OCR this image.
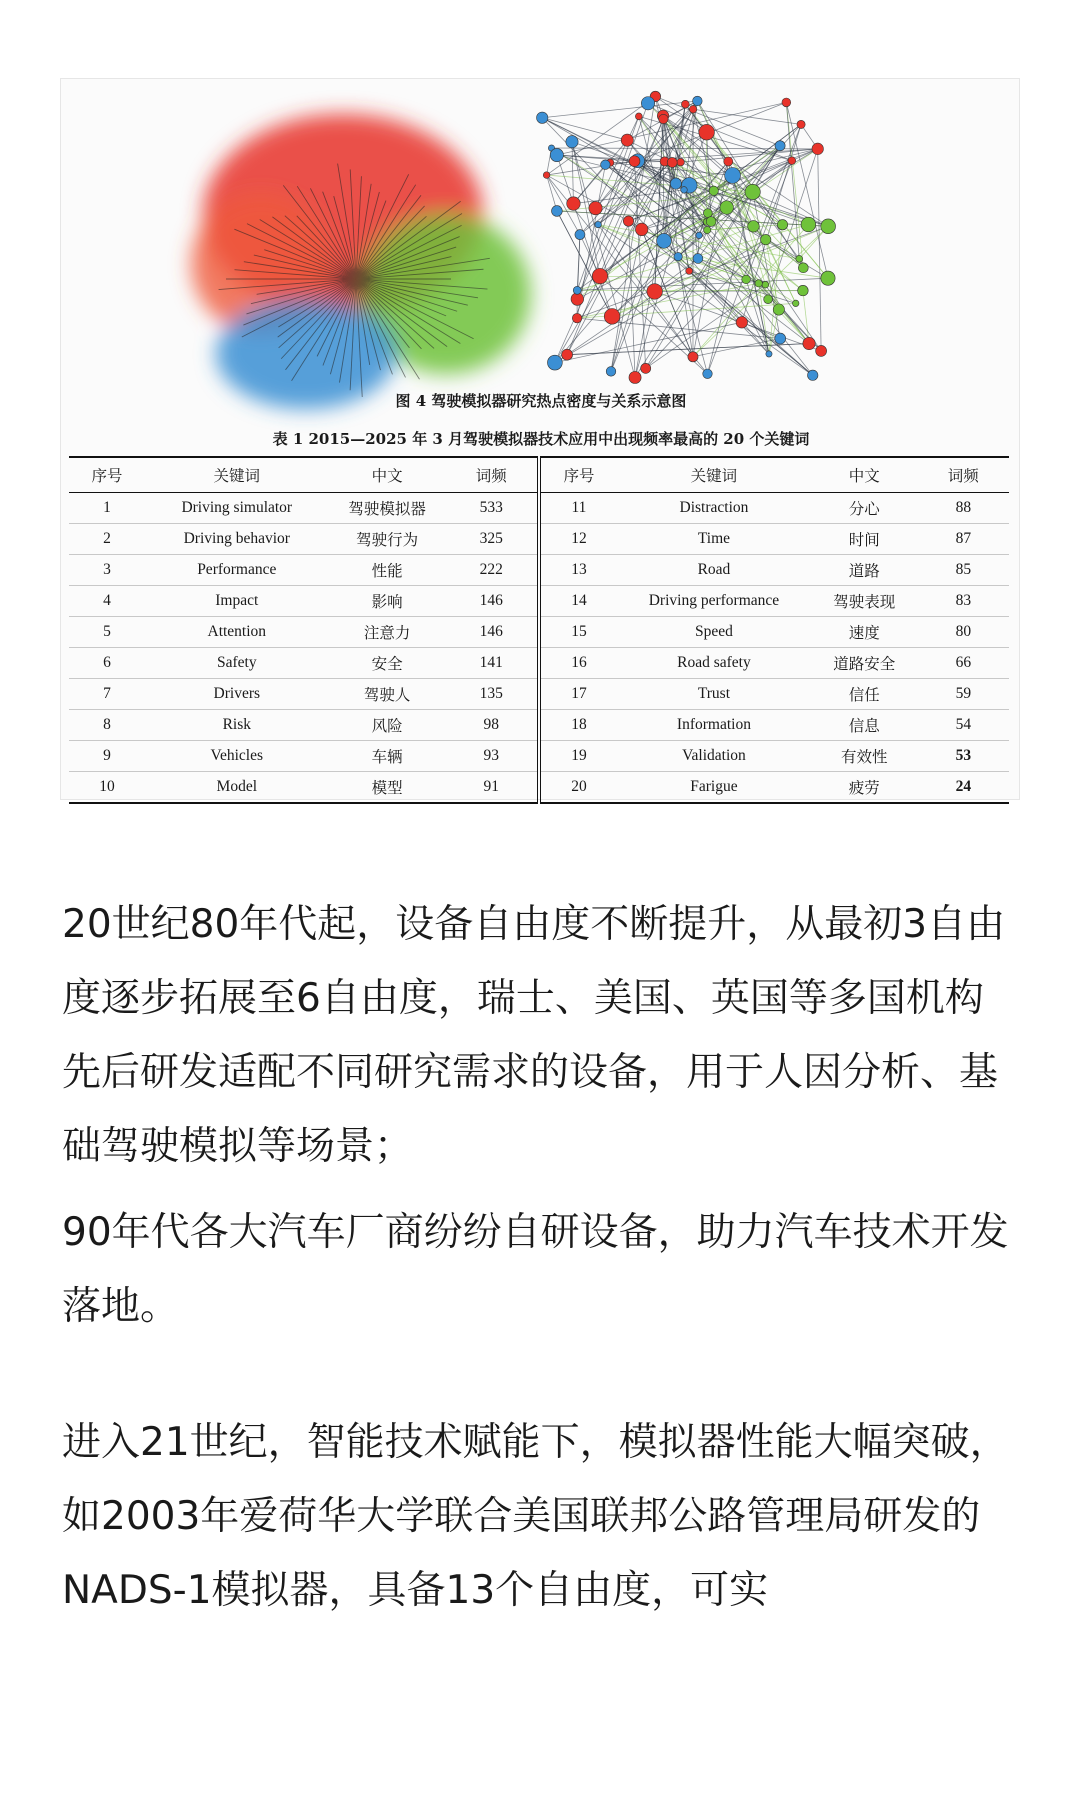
图 4 驾驶模拟器研究热点密度与关系示意图
表 1 2015—2025 年 3 月驾驶模拟器技术应用中出现频率最高的 20 个关键词
序号	关键词	中文	词频	序号	关键词	中文	词频
1	Driving simulator	驾驶模拟器	533	11	Distraction	分心	88
2	Driving behavior	驾驶行为	325	12	Time	时间	87
3	Performance	性能	222	13	Road	道路	85
4	Impact	影响	146	14	Driving performance	驾驶表现	83
5	Attention	注意力	146	15	Speed	速度	80
6	Safety	安全	141	16	Road safety	道路安全	66
7	Drivers	驾驶人	135	17	Trust	信任	59
8	Risk	风险	98	18	Information	信息	54
9	Vehicles	车辆	93	19	Validation	有效性	53
10	Model	模型	91	20	Farigue	疲劳	24

20世纪80年代起，设备自由度不断提升，从最初3自由度逐步拓展至6自由度，瑞士、美国、英国等多国机构先后研发适配不同研究需求的设备，用于人因分析、基础驾驶模拟等场景；

90年代各大汽车厂商纷纷自研设备，助力汽车技术开发落地。

进入21世纪，智能技术赋能下，模拟器性能大幅突破，如2003年爱荷华大学联合美国联邦公路管理局研发的NADS-1模拟器，具备13个自由度，可实
